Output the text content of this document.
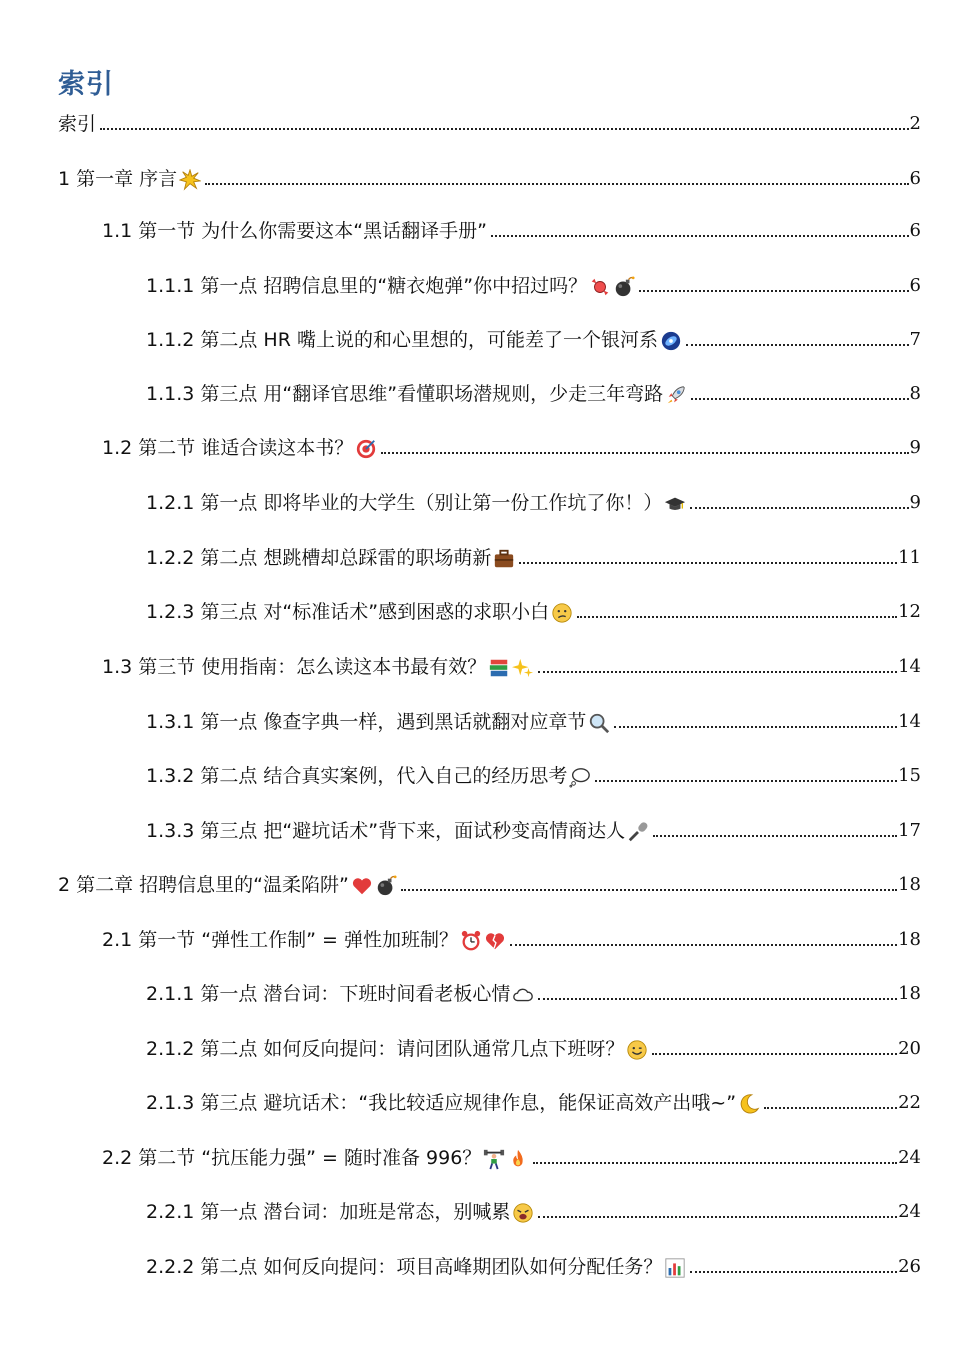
索引
索引	2
1 第一章 序言	6
1.1 第一节 为什么你需要这本“黑话翻译手册”	6
1.1.1 第一点 招聘信息里的“糖衣炮弹”你中招过吗？	6
1.1.2 第二点 HR 嘴上说的和心里想的，可能差了一个银河系	7
1.1.3 第三点 用“翻译官思维”看懂职场潜规则，少走三年弯路	8
1.2 第二节 谁适合读这本书？	9
1.2.1 第一点 即将毕业的大学生（别让第一份工作坑了你！）	9
1.2.2 第二点 想跳槽却总踩雷的职场萌新	11
1.2.3 第三点 对“标准话术”感到困惑的求职小白	12
1.3 第三节 使用指南：怎么读这本书最有效？	14
1.3.1 第一点 像查字典一样，遇到黑话就翻对应章节	14
1.3.2 第二点 结合真实案例，代入自己的经历思考	15
1.3.3 第三点 把“避坑话术”背下来，面试秒变高情商达人	17
2 第二章 招聘信息里的“温柔陷阱”	18
2.1 第一节 “弹性工作制” = 弹性加班制？	18
2.1.1 第一点 潜台词：下班时间看老板心情	18
2.1.2 第二点 如何反向提问：请问团队通常几点下班呀？	20
2.1.3 第三点 避坑话术：“我比较适应规律作息，能保证高效产出哦~”	22
2.2 第二节 “抗压能力强” = 随时准备 996？	24
2.2.1 第一点 潜台词：加班是常态，别喊累	24
2.2.2 第二点 如何反向提问：项目高峰期团队如何分配任务？	26
